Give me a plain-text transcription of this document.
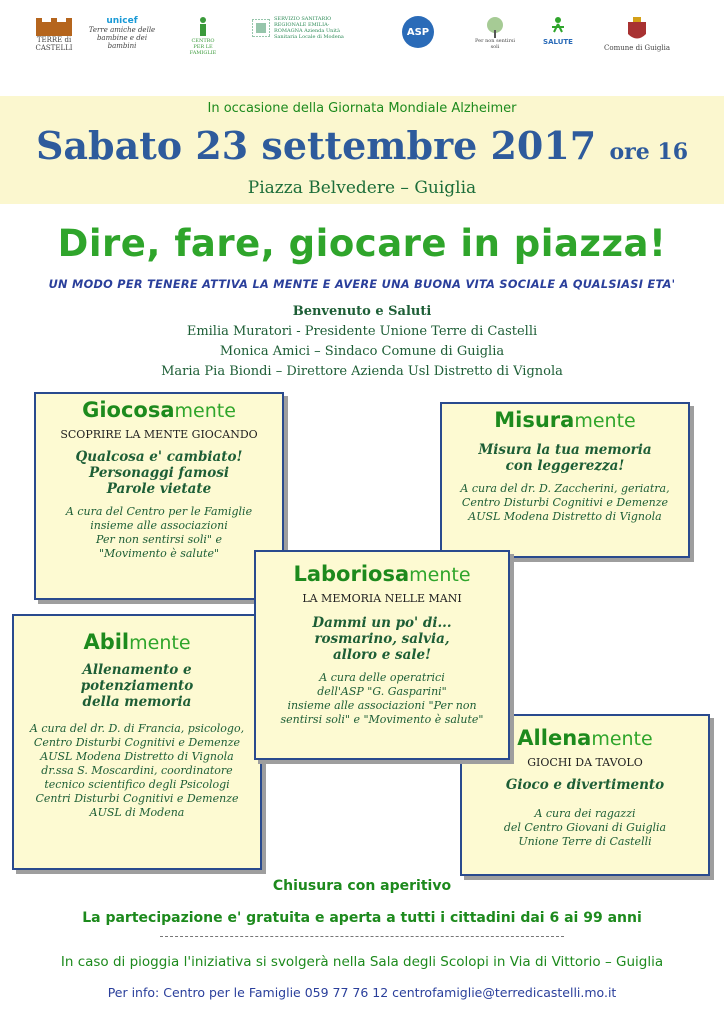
TERRE di CASTELLI
unicef
Terre amiche delle bambine e dei bambini
CENTRO PER LE FAMIGLIE
SERVIZIO SANITARIO REGIONALE EMILIA-ROMAGNA Azienda Unità Sanitaria Locale di Modena	ASP
Per non sentirsi soli
SALUTE
Comune di Guiglia
In occasione della Giornata Mondiale Alzheimer
Sabato 23 settembre 2017 ore 16
Piazza Belvedere – Guiglia
Dire, fare, giocare in piazza!
UN MODO PER TENERE ATTIVA LA MENTE E AVERE UNA BUONA VITA SOCIALE A QUALSIASI ETA'
Benvenuto e Saluti
Emilia Muratori - Presidente Unione Terre di Castelli
Monica Amici – Sindaco Comune di Guiglia
Maria Pia Biondi – Direttore Azienda Usl Distretto di Vignola
Giocosamente
SCOPRIRE LA MENTE GIOCANDO
Qualcosa e' cambiato!
Personaggi famosi
Parole vietate
A cura del Centro per le Famiglie
insieme alle associazioni
Per non sentirsi soli" e
"Movimento è salute"
Misuramente
Misura la tua memoria
con leggerezza!
A cura del dr. D. Zaccherini, geriatra,
Centro Disturbi Cognitivi e Demenze
AUSL Modena Distretto di Vignola
Abilmente
Allenamento e
potenziamento
della memoria
A cura del dr. D. di Francia, psicologo,
Centro Disturbi Cognitivi e Demenze
AUSL Modena Distretto di Vignola
dr.ssa S. Moscardini, coordinatore
tecnico scientifico degli Psicologi
Centri Disturbi Cognitivi e Demenze
AUSL di Modena
Allenamente
GIOCHI DA TAVOLO
Gioco e divertimento
A cura dei ragazzi
del Centro Giovani di Guiglia
Unione Terre di Castelli
Laboriosamente
LA MEMORIA NELLE MANI
Dammi un po' di...
rosmarino, salvia,
alloro e sale!
A cura delle operatrici
dell'ASP "G. Gasparini"
insieme alle associazioni "Per non
sentirsi soli" e "Movimento è salute"
Chiusura con aperitivo
La partecipazione e' gratuita e aperta a tutti i cittadini dai 6 ai 99 anni
In caso di pioggia l'iniziativa si svolgerà nella Sala degli Scolopi in Via di Vittorio – Guiglia
Per info: Centro per le Famiglie 059 77 76 12 centrofamiglie@terredicastelli.mo.it
